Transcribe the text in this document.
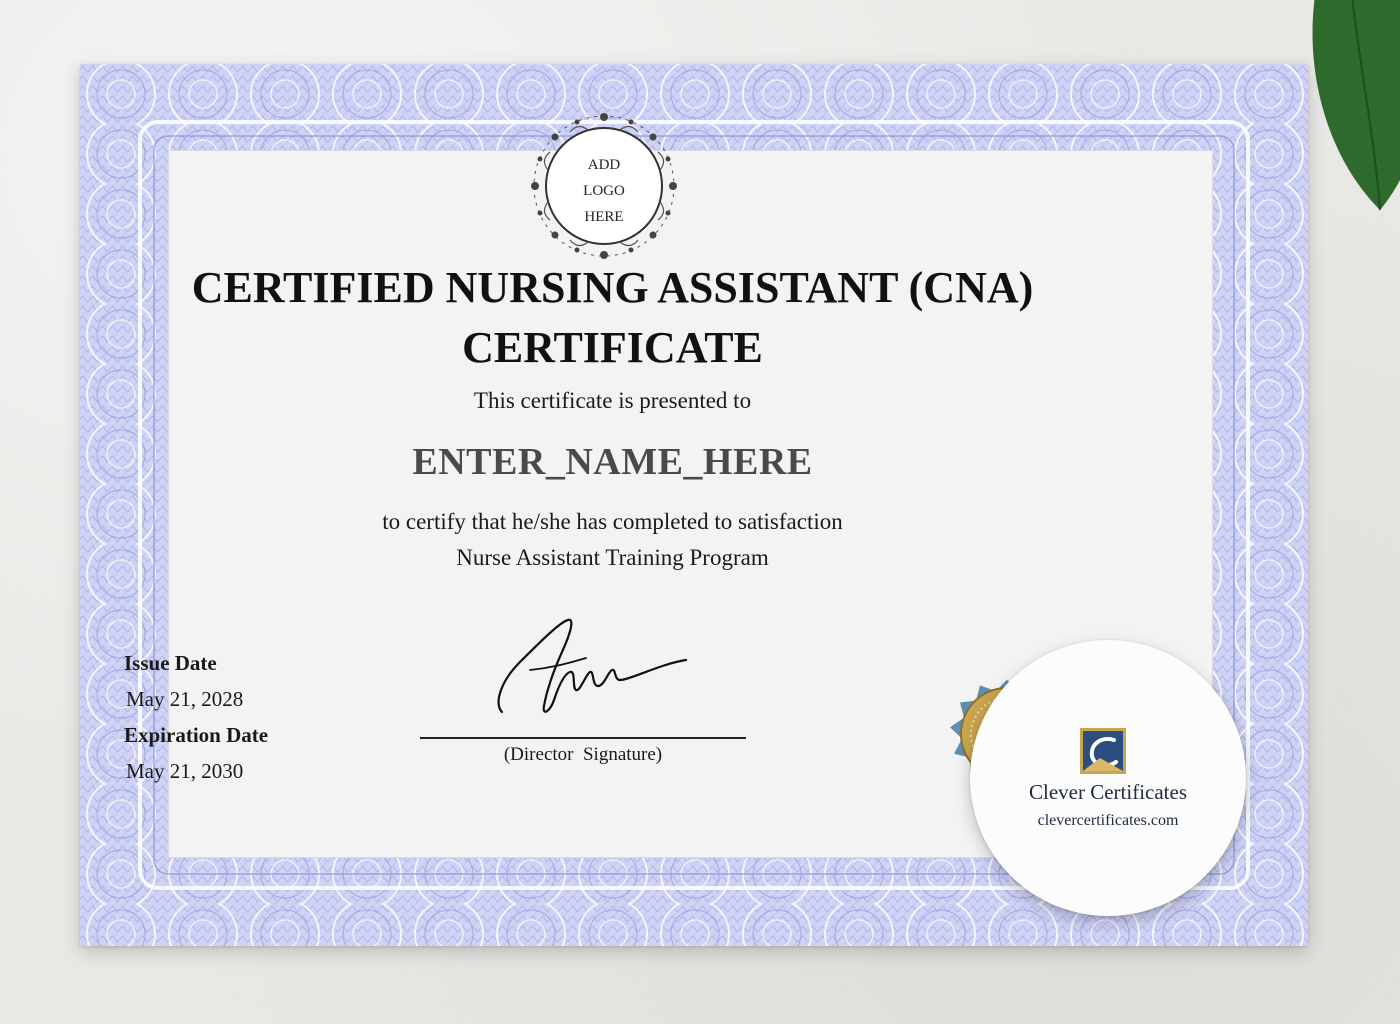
ADD
LOGO
HERE
CERTIFIED NURSING ASSISTANT (CNA)
CERTIFICATE
This certificate is presented to
ENTER_NAME_HERE
to certify that he/she has completed to satisfaction
Nurse Assistant Training Program
Issue Date
May 21, 2028
Expiration Date
May 21, 2030
(Director  Signature)
Clever Certificates
clevercertificates.com
